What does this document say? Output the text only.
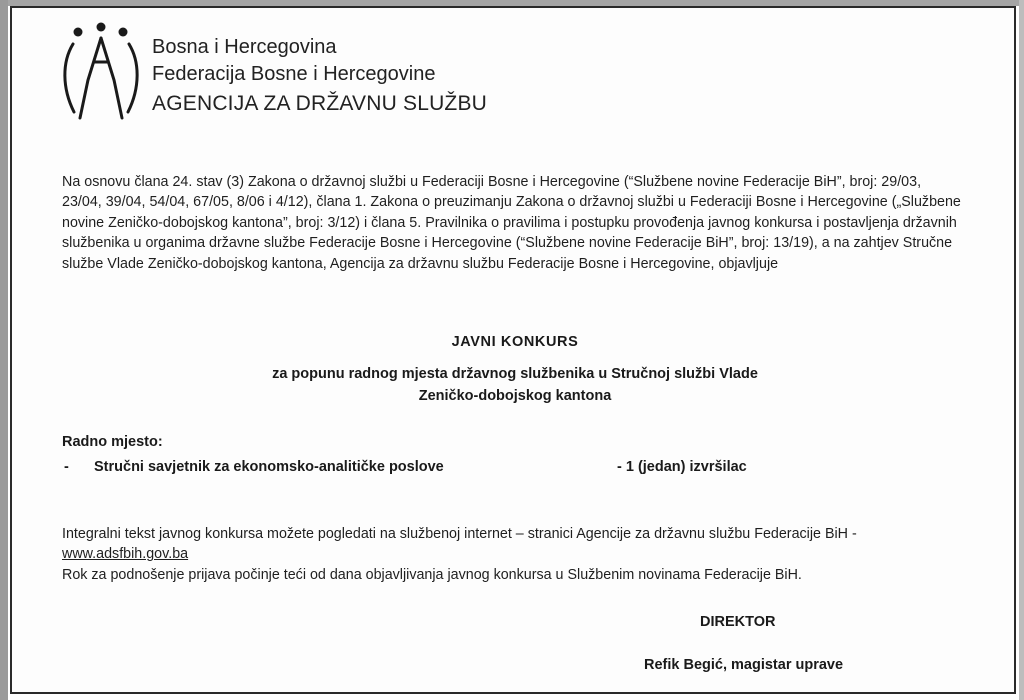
Bosna i Hercegovina
Federacija Bosne i Hercegovine
AGENCIJA ZA DRŽAVNU SLUŽBU
Na osnovu člana 24. stav (3) Zakona o državnoj službi u Federaciji Bosne i Hercegovine (“Službene novine Federacije BiH”, broj: 29/03, 23/04, 39/04, 54/04, 67/05, 8/06 i 4/12), člana 1. Zakona o preuzimanju Zakona o državnoj službi u Federaciji Bosne i Hercegovine („Službene novine Zeničko-dobojskog kantona”, broj: 3/12) i člana 5. Pravilnika o pravilima i postupku provođenja javnog konkursa i postavljenja državnih službenika u organima državne službe Federacije Bosne i Hercegovine (“Službene novine Federacije BiH”, broj: 13/19), a na zahtjev Stručne službe Vlade Zeničko-dobojskog kantona, Agencija za državnu službu Federacije Bosne i Hercegovine, objavljuje
JAVNI KONKURS
za popunu radnog mjesta državnog službenika u Stručnoj službi Vlade
Zeničko-dobojskog kantona
Radno mjesto:
- Stručni savjetnik za ekonomsko-analitičke poslove	- 1 (jedan) izvršilac
Integralni tekst javnog konkursa možete pogledati na službenoj internet – stranici Agencije za državnu službu Federacije BiH - www.adsfbih.gov.ba
Rok za podnošenje prijava počinje teći od dana objavljivanja javnog konkursa u Službenim novinama Federacije BiH.
DIREKTOR
Refik Begić, magistar uprave
